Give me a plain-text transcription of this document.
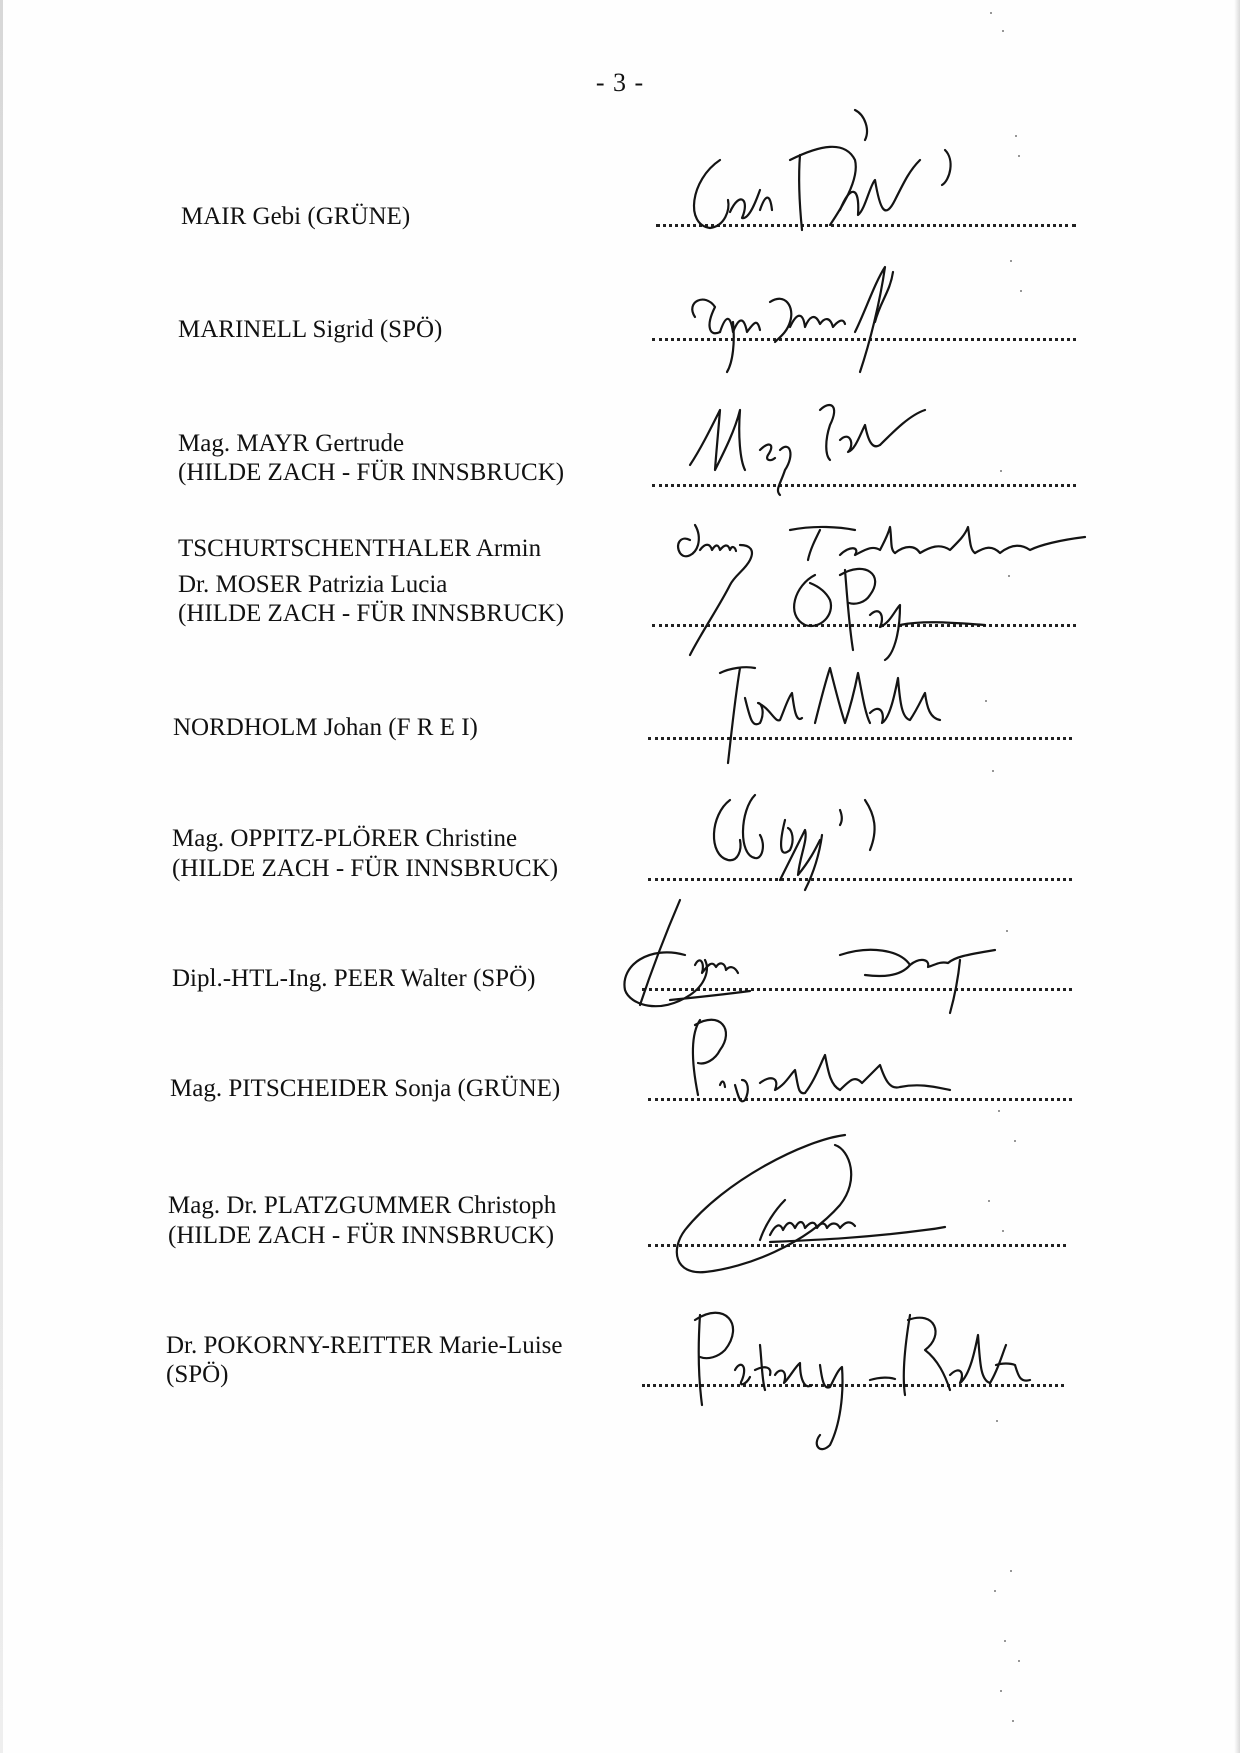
- 3 -
MAIR Gebi (GRÜNE)
MARINELL Sigrid (SPÖ)
Mag. MAYR Gertrude
(HILDE ZACH - FÜR INNSBRUCK)
TSCHURTSCHENTHALER Armin
Dr. MOSER Patrizia Lucia
(HILDE ZACH - FÜR INNSBRUCK)
NORDHOLM Johan (F R E I)
Mag. OPPITZ-PLÖRER Christine
(HILDE ZACH - FÜR INNSBRUCK)
Dipl.-HTL-Ing. PEER Walter (SPÖ)
Mag. PITSCHEIDER Sonja (GRÜNE)
Mag. Dr. PLATZGUMMER Christoph
(HILDE ZACH - FÜR INNSBRUCK)
Dr. POKORNY-REITTER Marie-Luise
(SPÖ)
